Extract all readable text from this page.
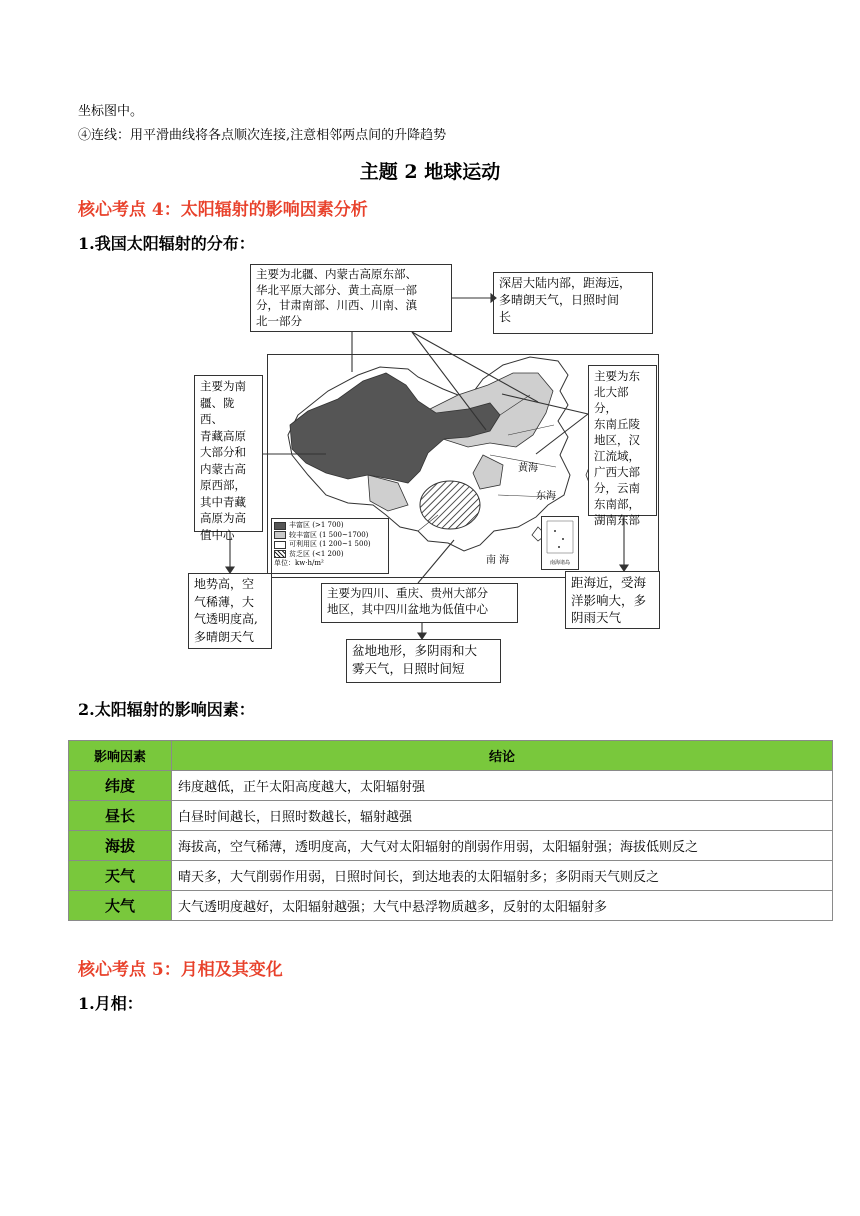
坐标图中。
④连线：用平滑曲线将各点顺次连接,注意相邻两点间的升降趋势
主题 2 地球运动
核心考点 4：太阳辐射的影响因素分析
1.我国太阳辐射的分布：
主要为北疆、内蒙古高原东部、
华北平原大部分、黄土高原一部
分，甘肃南部、川西、川南、滇
北一部分
深居大陆内部，距海远，
多晴朗天气，日照时间
长
黄海
东海
南 海
丰富区 (>1 700)
较丰富区 (1 500~1700)
可利用区 (1 200~1 500)
贫乏区 (<1 200)
单位：kw·h/m²	南海诸岛
主要为南
疆、陇西、
青藏高原
大部分和
内蒙古高
原西部，
其中青藏
高原为高
值中心
主要为东
北大部分，
东南丘陵
地区，汉
江流域，
广西大部
分，云南
东南部，
湖南东部
地势高，空
气稀薄，大
气透明度高,
多晴朗天气
主要为四川、重庆、贵州大部分
地区，其中四川盆地为低值中心
盆地地形，多阴雨和大
雾天气，日照时间短
距海近，受海
洋影响大，多
阴雨天气
2.太阳辐射的影响因素：
影响因素	结论
纬度	纬度越低，正午太阳高度越大，太阳辐射强
昼长	白昼时间越长，日照时数越长，辐射越强
海拔	海拔高，空气稀薄，透明度高，大气对太阳辐射的削弱作用弱，太阳辐射强；海拔低则反之
天气	晴天多，大气削弱作用弱，日照时间长，到达地表的太阳辐射多；多阴雨天气则反之
大气	大气透明度越好，太阳辐射越强；大气中悬浮物质越多，反射的太阳辐射多
核心考点 5：月相及其变化
1.月相：
